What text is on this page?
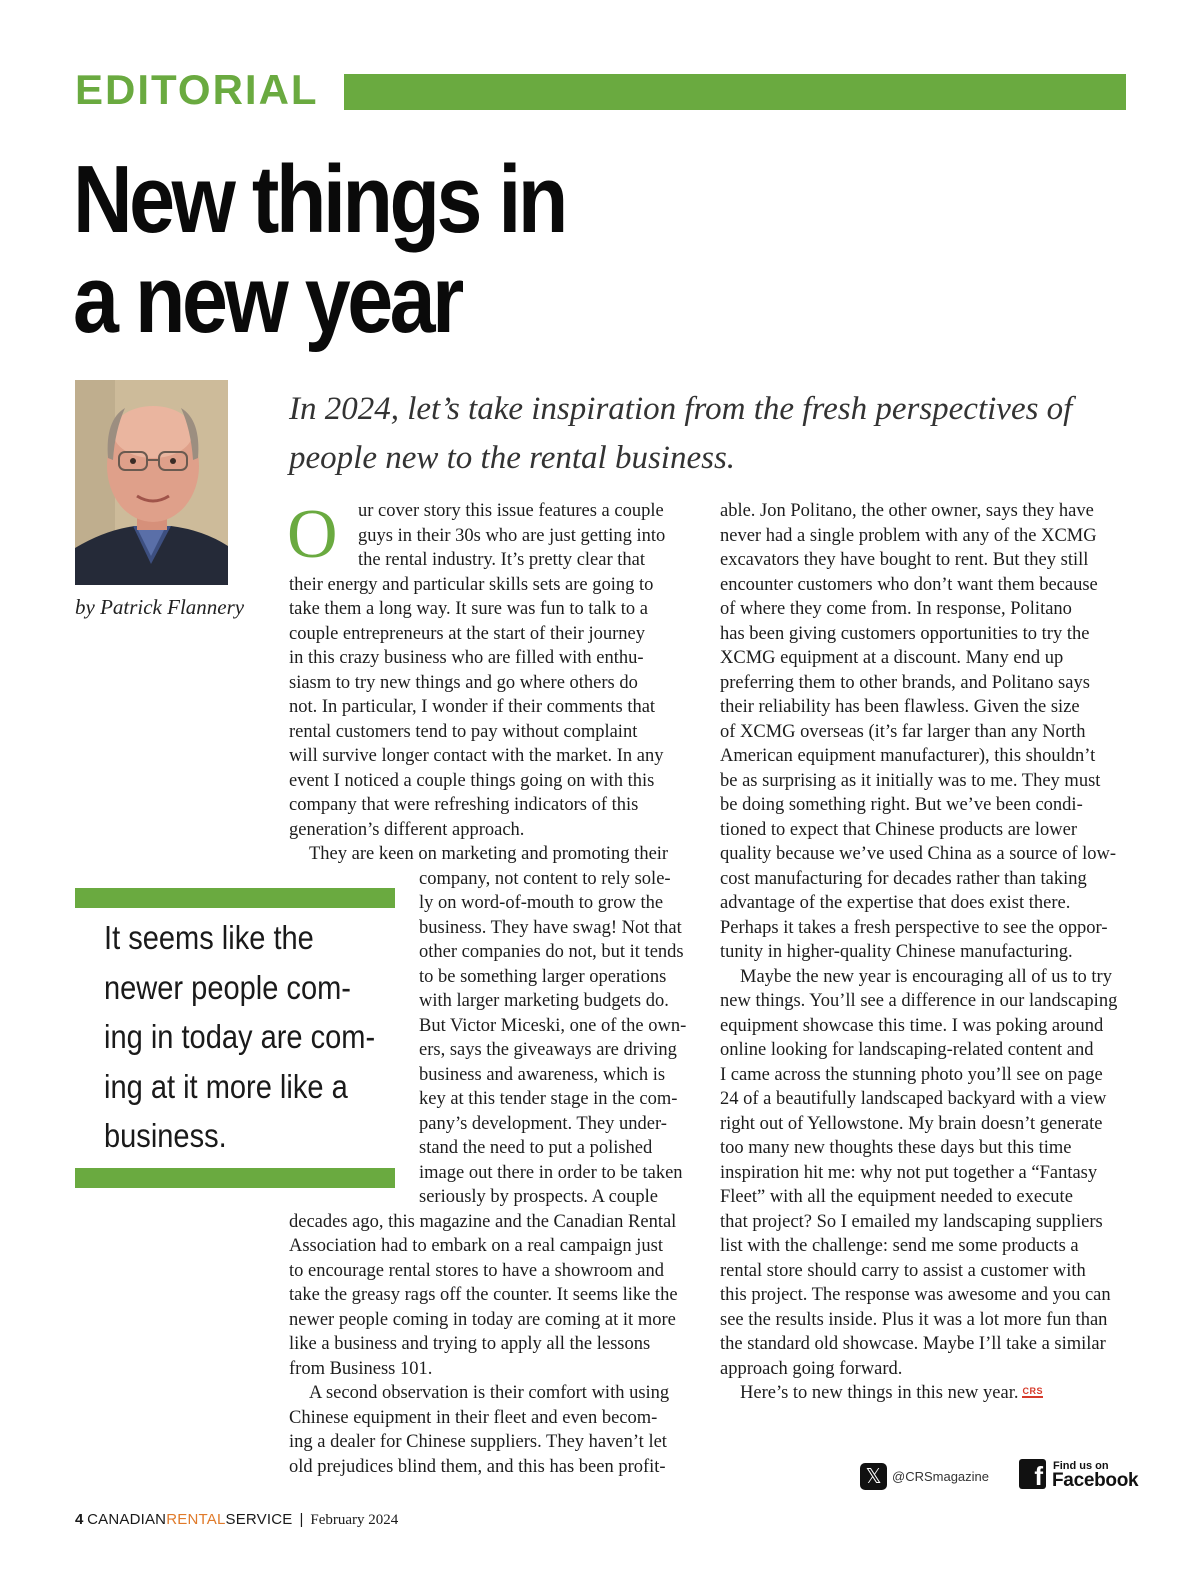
EDITORIAL
New things in
a new year
by Patrick Flannery
In 2024, let’s take inspiration from the fresh perspectives of
people new to the rental business.
O	ur cover story this issue features a couple
guys in their 30s who are just getting into
the rental industry. It’s pretty clear that
their energy and particular skills sets are going to
take them a long way. It sure was fun to talk to a
couple entrepreneurs at the start of their journey
in this crazy business who are filled with enthu-
siasm to try new things and go where others do
not. In particular, I wonder if their comments that
rental customers tend to pay without complaint
will survive longer contact with the market. In any
event I noticed a couple things going on with this
company that were refreshing indicators of this
generation’s different approach.
They are keen on marketing and promoting their
company, not content to rely sole-
ly on word-of-mouth to grow the
business. They have swag! Not that
other companies do not, but it tends
to be something larger operations
with larger marketing budgets do.
But Victor Miceski, one of the own-
ers, says the giveaways are driving
business and awareness, which is
key at this tender stage in the com-
pany’s development. They under-
stand the need to put a polished
image out there in order to be taken
seriously by prospects. A couple
decades ago, this magazine and the Canadian Rental
Association had to embark on a real campaign just
to encourage rental stores to have a showroom and
take the greasy rags off the counter. It seems like the
newer people coming in today are coming at it more
like a business and trying to apply all the lessons
from Business 101.
A second observation is their comfort with using
Chinese equipment in their fleet and even becom-
ing a dealer for Chinese suppliers. They haven’t let
old prejudices blind them, and this has been profit-
able. Jon Politano, the other owner, says they have
never had a single problem with any of the XCMG
excavators they have bought to rent. But they still
encounter customers who don’t want them because
of where they come from. In response, Politano
has been giving customers opportunities to try the
XCMG equipment at a discount. Many end up
preferring them to other brands, and Politano says
their reliability has been flawless. Given the size
of XCMG overseas (it’s far larger than any North
American equipment manufacturer), this shouldn’t
be as surprising as it initially was to me. They must
be doing something right. But we’ve been condi-
tioned to expect that Chinese products are lower
quality because we’ve used China as a source of low-
cost manufacturing for decades rather than taking
advantage of the expertise that does exist there.
Perhaps it takes a fresh perspective to see the oppor-
tunity in higher-quality Chinese manufacturing.
Maybe the new year is encouraging all of us to try
new things. You’ll see a difference in our landscaping
equipment showcase this time. I was poking around
online looking for landscaping-related content and
I came across the stunning photo you’ll see on page
24 of a beautifully landscaped backyard with a view
right out of Yellowstone. My brain doesn’t generate
too many new thoughts these days but this time
inspiration hit me: why not put together a “Fantasy
Fleet” with all the equipment needed to execute
that project? So I emailed my landscaping suppliers
list with the challenge: send me some products a
rental store should carry to assist a customer with
this project. The response was awesome and you can
see the results inside. Plus it was a lot more fun than
the standard old showcase. Maybe I’ll take a similar
approach going forward.
Here’s to new things in this new year. CRS
It seems like the
newer people com-
ing in today are com-
ing at it more like a
business.
𝕏 @CRSmagazine	f Find us on
Facebook
4 CANADIANRENTALSERVICE | February 2024
